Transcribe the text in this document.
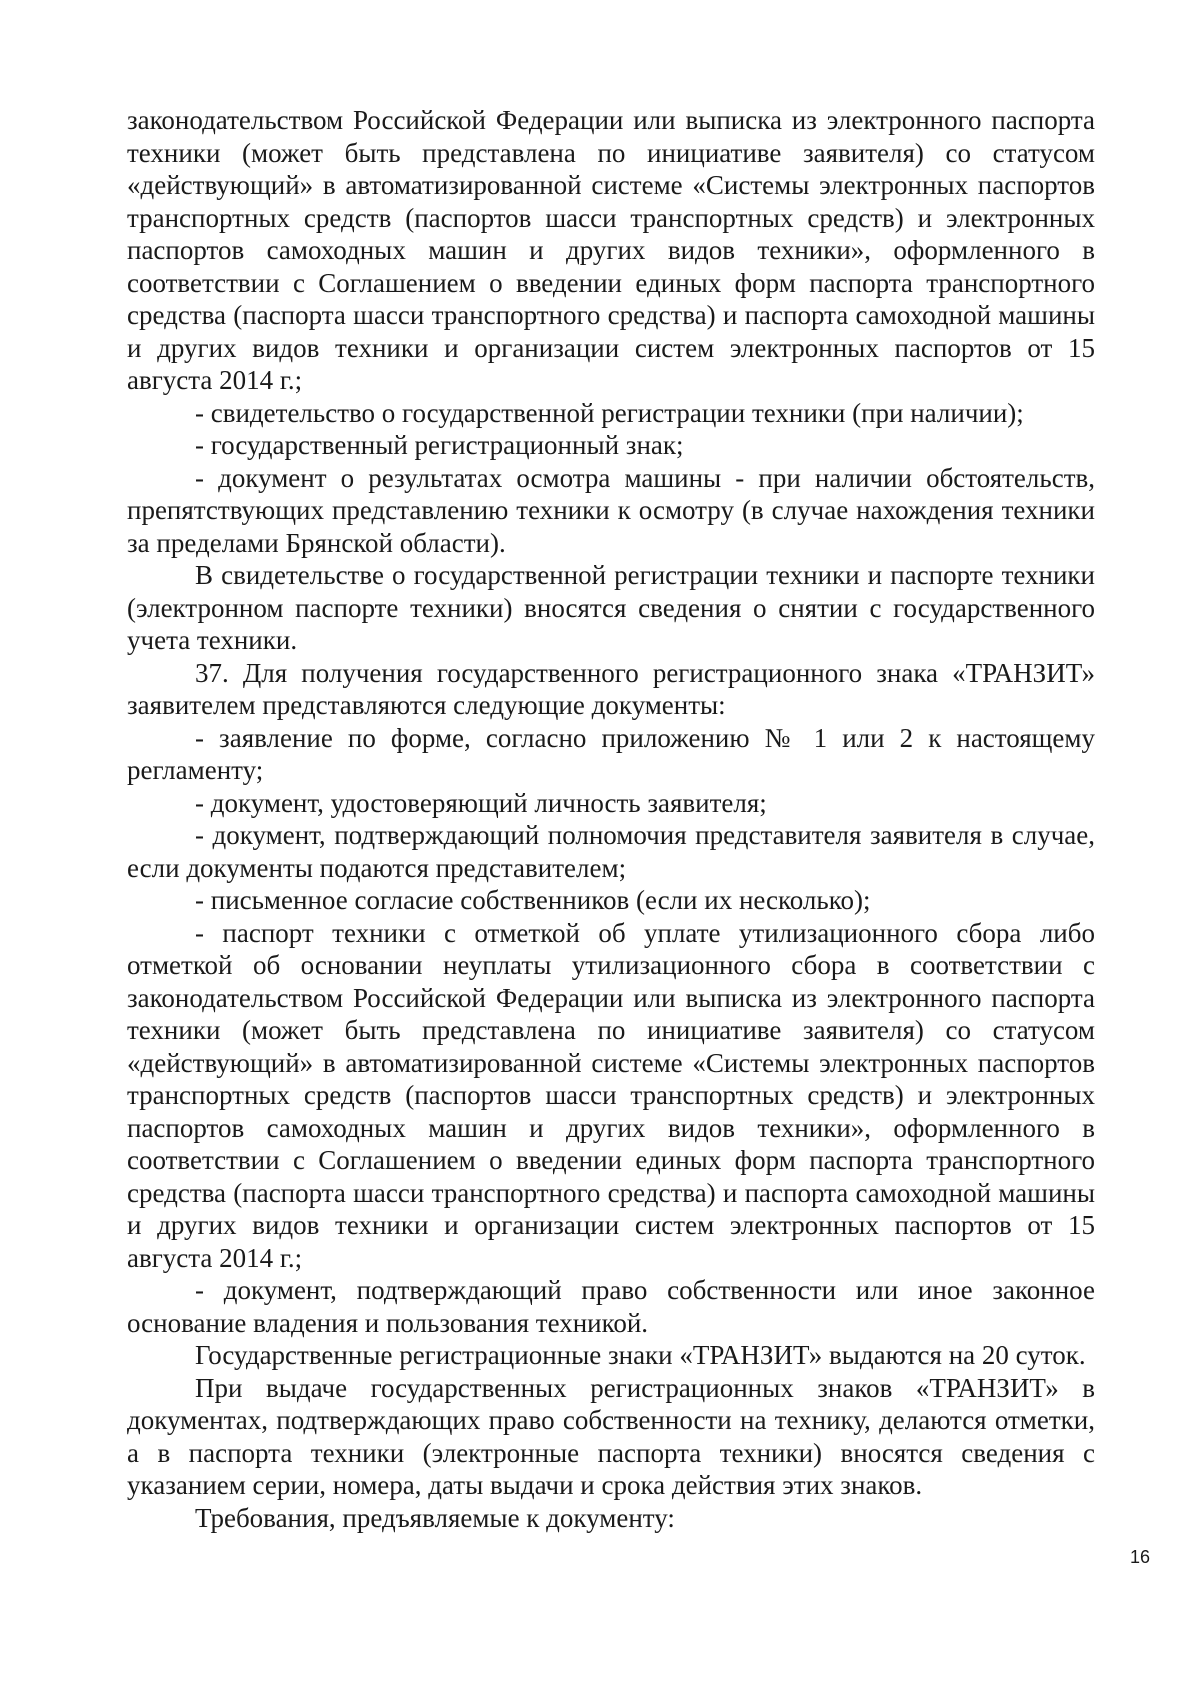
законодательством Российской Федерации или выписка из электронного паспорта техники (может быть представлена по инициативе заявителя) со статусом «действующий» в автоматизированной системе «Системы электронных паспортов транспортных средств (паспортов шасси транспортных средств) и электронных паспортов самоходных машин и других видов техники», оформленного в соответствии с Соглашением о введении единых форм паспорта транспортного средства (паспорта шасси транспортного средства) и паспорта самоходной машины и других видов техники и организации систем электронных паспортов от 15 августа 2014 г.;

- свидетельство о государственной регистрации техники (при наличии);

- государственный регистрационный знак;

- документ о результатах осмотра машины - при наличии обстоятельств, препятствующих представлению техники к осмотру (в случае нахождения техники за пределами Брянской области).

В свидетельстве о государственной регистрации техники и паспорте техники (электронном паспорте техники) вносятся сведения о снятии с государственного учета техники.

37. Для получения государственного регистрационного знака «ТРАНЗИТ» заявителем представляются следующие документы:

- заявление по форме, согласно приложению № 1 или 2 к настоящему регламенту;

- документ, удостоверяющий личность заявителя;

- документ, подтверждающий полномочия представителя заявителя в случае, если документы подаются представителем;

- письменное согласие собственников (если их несколько);

- паспорт техники с отметкой об уплате утилизационного сбора либо отметкой об основании неуплаты утилизационного сбора в соответствии с законодательством Российской Федерации или выписка из электронного паспорта техники (может быть представлена по инициативе заявителя) со статусом «действующий» в автоматизированной системе «Системы электронных паспортов транспортных средств (паспортов шасси транспортных средств) и электронных паспортов самоходных машин и других видов техники», оформленного в соответствии с Соглашением о введении единых форм паспорта транспортного средства (паспорта шасси транспортного средства) и паспорта самоходной машины и других видов техники и организации систем электронных паспортов от 15 августа 2014 г.;

- документ, подтверждающий право собственности или иное законное основание владения и пользования техникой.

Государственные регистрационные знаки «ТРАНЗИТ» выдаются на 20 суток.

При выдаче государственных регистрационных знаков «ТРАНЗИТ» в документах, подтверждающих право собственности на технику, делаются отметки, а в паспорта техники (электронные паспорта техники) вносятся сведения с указанием серии, номера, даты выдачи и срока действия этих знаков.

Требования, предъявляемые к документу:

16
